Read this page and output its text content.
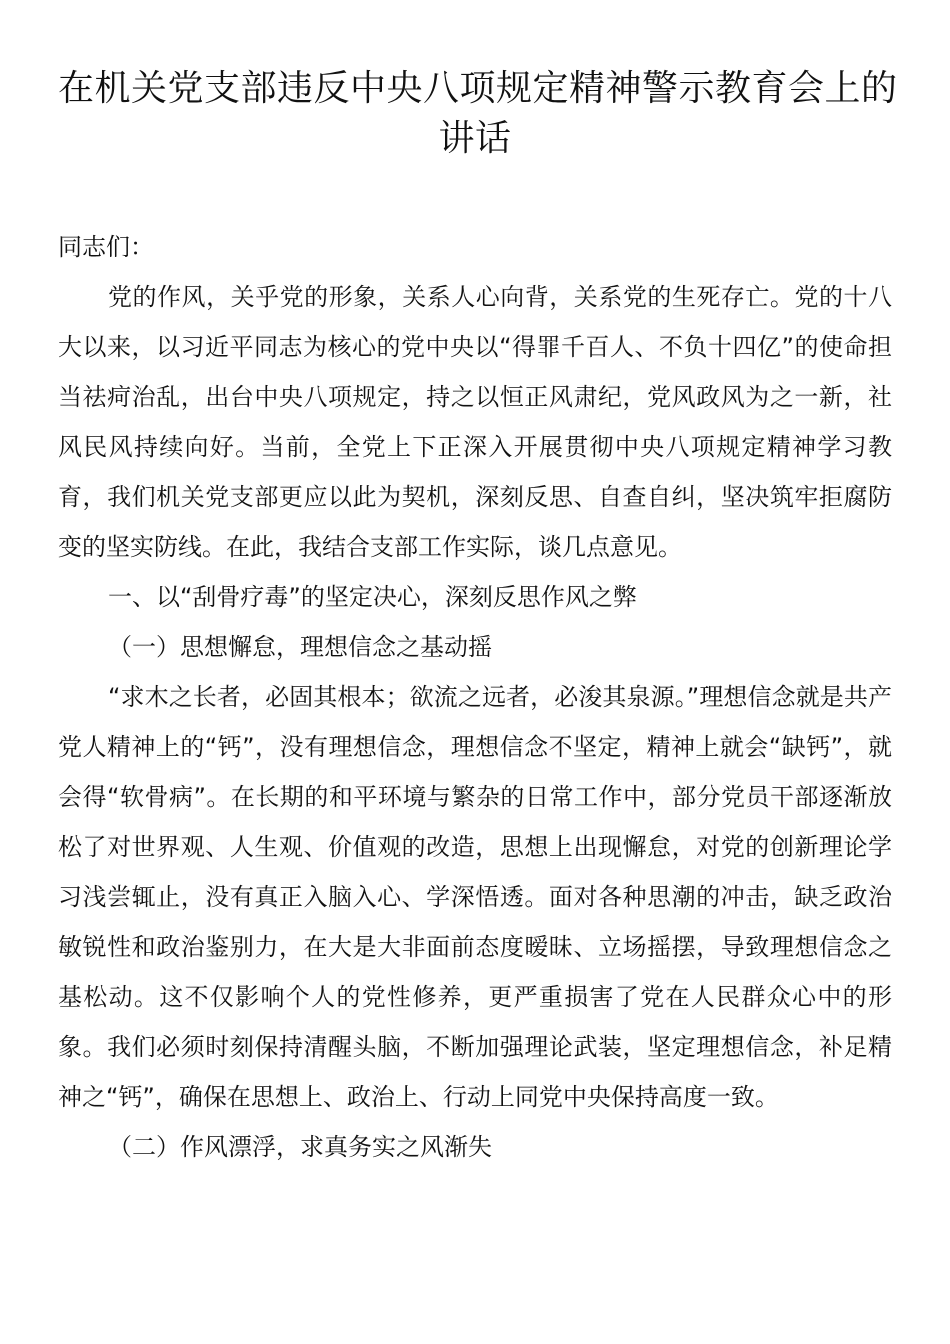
在机关党支部违反中央八项规定精神警示教育会上的
讲话

同志们：

党的作风，关乎党的形象，关系人心向背，关系党的生死存亡。党的十八大以来，以习近平同志为核心的党中央以“得罪千百人、不负十四亿”的使命担当祛疴治乱，出台中央八项规定，持之以恒正风肃纪，党风政风为之一新，社风民风持续向好。当前，全党上下正深入开展贯彻中央八项规定精神学习教育，我们机关党支部更应以此为契机，深刻反思、自查自纠，坚决筑牢拒腐防变的坚实防线。在此，我结合支部工作实际，谈几点意见。

一、以“刮骨疗毒”的坚定决心，深刻反思作风之弊

（一）思想懈怠，理想信念之基动摇

“求木之长者，必固其根本；欲流之远者，必浚其泉源。”理想信念就是共产党人精神上的“钙”，没有理想信念，理想信念不坚定，精神上就会“缺钙”，就会得“软骨病”。在长期的和平环境与繁杂的日常工作中，部分党员干部逐渐放松了对世界观、人生观、价值观的改造，思想上出现懈怠，对党的创新理论学习浅尝辄止，没有真正入脑入心、学深悟透。面对各种思潮的冲击，缺乏政治敏锐性和政治鉴别力，在大是大非面前态度暧昧、立场摇摆，导致理想信念之基松动。这不仅影响个人的党性修养，更严重损害了党在人民群众心中的形象。我们必须时刻保持清醒头脑，不断加强理论武装，坚定理想信念，补足精神之“钙”，确保在思想上、政治上、行动上同党中央保持高度一致。

（二）作风漂浮，求真务实之风渐失
